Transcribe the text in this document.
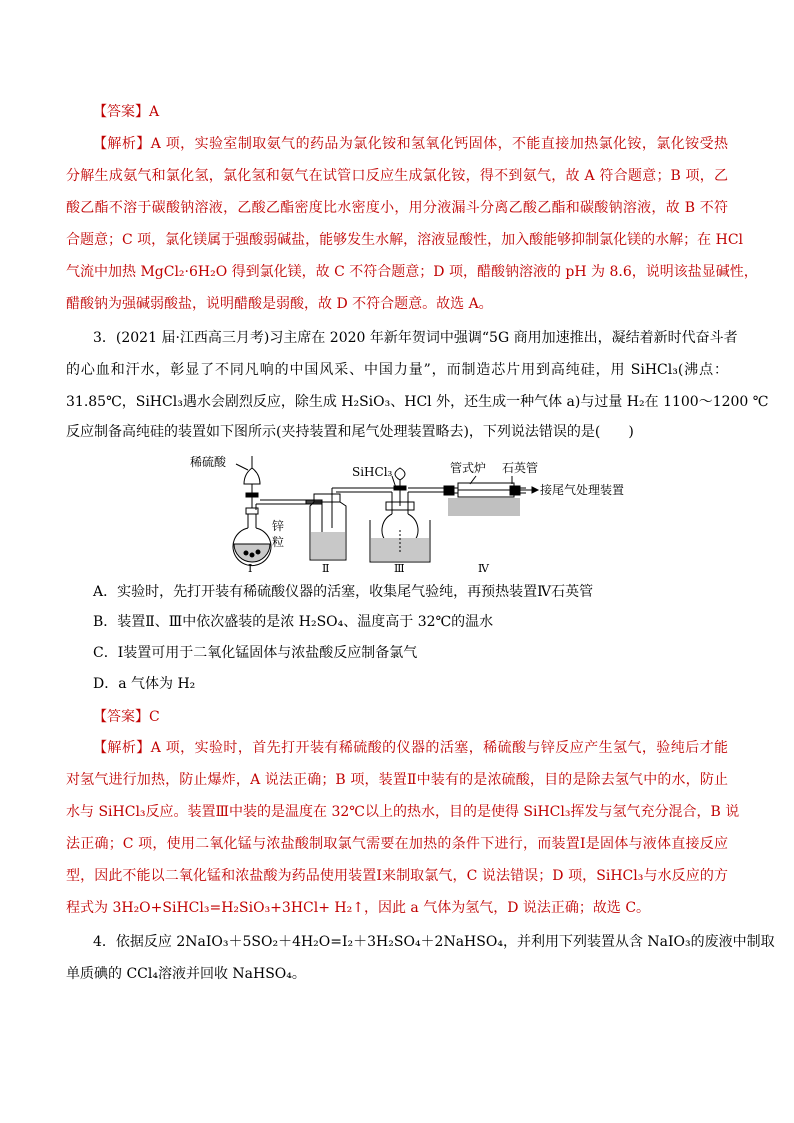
【答案】A
【解析】A 项，实验室制取氨气的药品为氯化铵和氢氧化钙固体，不能直接加热氯化铵，氯化铵受热
分解生成氨气和氯化氢，氯化氢和氨气在试管口反应生成氯化铵，得不到氨气，故 A 符合题意；B 项，乙
酸乙酯不溶于碳酸钠溶液，乙酸乙酯密度比水密度小，用分液漏斗分离乙酸乙酯和碳酸钠溶液，故 B 不符
合题意；C 项，氯化镁属于强酸弱碱盐，能够发生水解，溶液显酸性，加入酸能够抑制氯化镁的水解；在 HCl
气流中加热 MgCl₂·6H₂O 得到氯化镁，故 C 不符合题意；D 项，醋酸钠溶液的 pH 为 8.6，说明该盐显碱性，
醋酸钠为强碱弱酸盐，说明醋酸是弱酸，故 D 不符合题意。故选 A。
3．(2021 届·江西高三月考)习主席在 2020 年新年贺词中强调“5G 商用加速推出，凝结着新时代奋斗者
的心血和汗水，彰显了不同凡响的中国风采、中国力量”，而制造芯片用到高纯硅，用 SiHCl₃(沸点：
31.85℃，SiHCl₃遇水会剧烈反应，除生成 H₂SiO₃、HCl 外，还生成一种气体 a)与过量 H₂在 1100～1200 ℃
反应制备高纯硅的装置如下图所示(夹持装置和尾气处理装置略去)，下列说法错误的是(　　)
稀硫酸
锌
粒
SiHCl₃	管式炉 石英管
接尾气处理装置
Ⅰ	Ⅱ	Ⅲ	Ⅳ
A．实验时，先打开装有稀硫酸仪器的活塞，收集尾气验纯，再预热装置Ⅳ石英管
B．装置Ⅱ、Ⅲ中依次盛装的是浓 H₂SO₄、温度高于 32℃的温水
C．Ⅰ装置可用于二氧化锰固体与浓盐酸反应制备氯气
D．a 气体为 H₂
【答案】C
【解析】A 项，实验时，首先打开装有稀硫酸的仪器的活塞，稀硫酸与锌反应产生氢气，验纯后才能
对氢气进行加热，防止爆炸，A 说法正确；B 项，装置Ⅱ中装有的是浓硫酸，目的是除去氢气中的水，防止
水与 SiHCl₃反应。装置Ⅲ中装的是温度在 32℃以上的热水，目的是使得 SiHCl₃挥发与氢气充分混合，B 说
法正确；C 项，使用二氧化锰与浓盐酸制取氯气需要在加热的条件下进行，而装置Ⅰ是固体与液体直接反应
型，因此不能以二氧化锰和浓盐酸为药品使用装置Ⅰ来制取氯气，C 说法错误；D 项，SiHCl₃与水反应的方
程式为 3H₂O+SiHCl₃=H₂SiO₃+3HCl+ H₂↑，因此 a 气体为氢气，D 说法正确；故选 C。
4．依据反应 2NaIO₃＋5SO₂＋4H₂O=I₂＋3H₂SO₄＋2NaHSO₄，并利用下列装置从含 NaIO₃的废液中制取
单质碘的 CCl₄溶液并回收 NaHSO₄。
